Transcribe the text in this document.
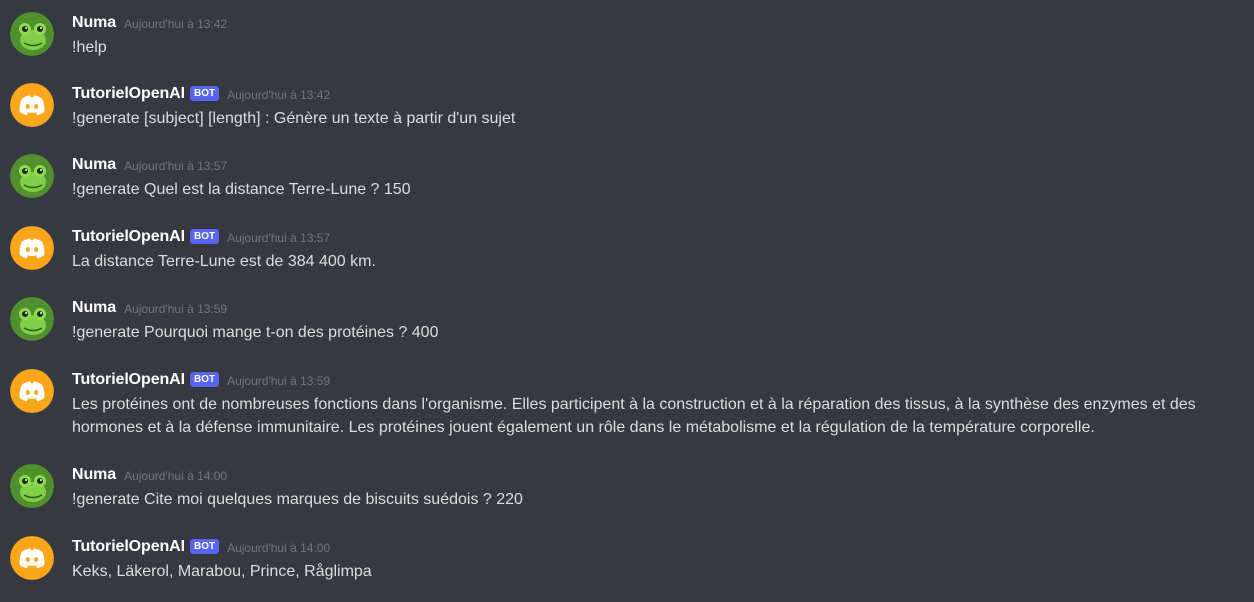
Numa Aujourd'hui à 13:42
!help
TutorielOpenAI BOT	Aujourd'hui à 13:42
!generate [subject] [length] : Génère un texte à partir d'un sujet
Numa Aujourd'hui à 13:57
!generate Quel est la distance Terre-Lune ? 150
TutorielOpenAI BOT	Aujourd'hui à 13:57
La distance Terre-Lune est de 384 400 km.
Numa Aujourd'hui à 13:59
!generate Pourquoi mange t-on des protéines ? 400
TutorielOpenAI BOT	Aujourd'hui à 13:59
Les protéines ont de nombreuses fonctions dans l'organisme. Elles participent à la construction et à la réparation des tissus, à la synthèse des enzymes et des hormones et à la défense immunitaire. Les protéines jouent également un rôle dans le métabolisme et la régulation de la température corporelle.
Numa Aujourd'hui à 14:00
!generate Cite moi quelques marques de biscuits suédois ? 220
TutorielOpenAI BOT	Aujourd'hui à 14:00
Keks, Läkerol, Marabou, Prince, Råglimpa
